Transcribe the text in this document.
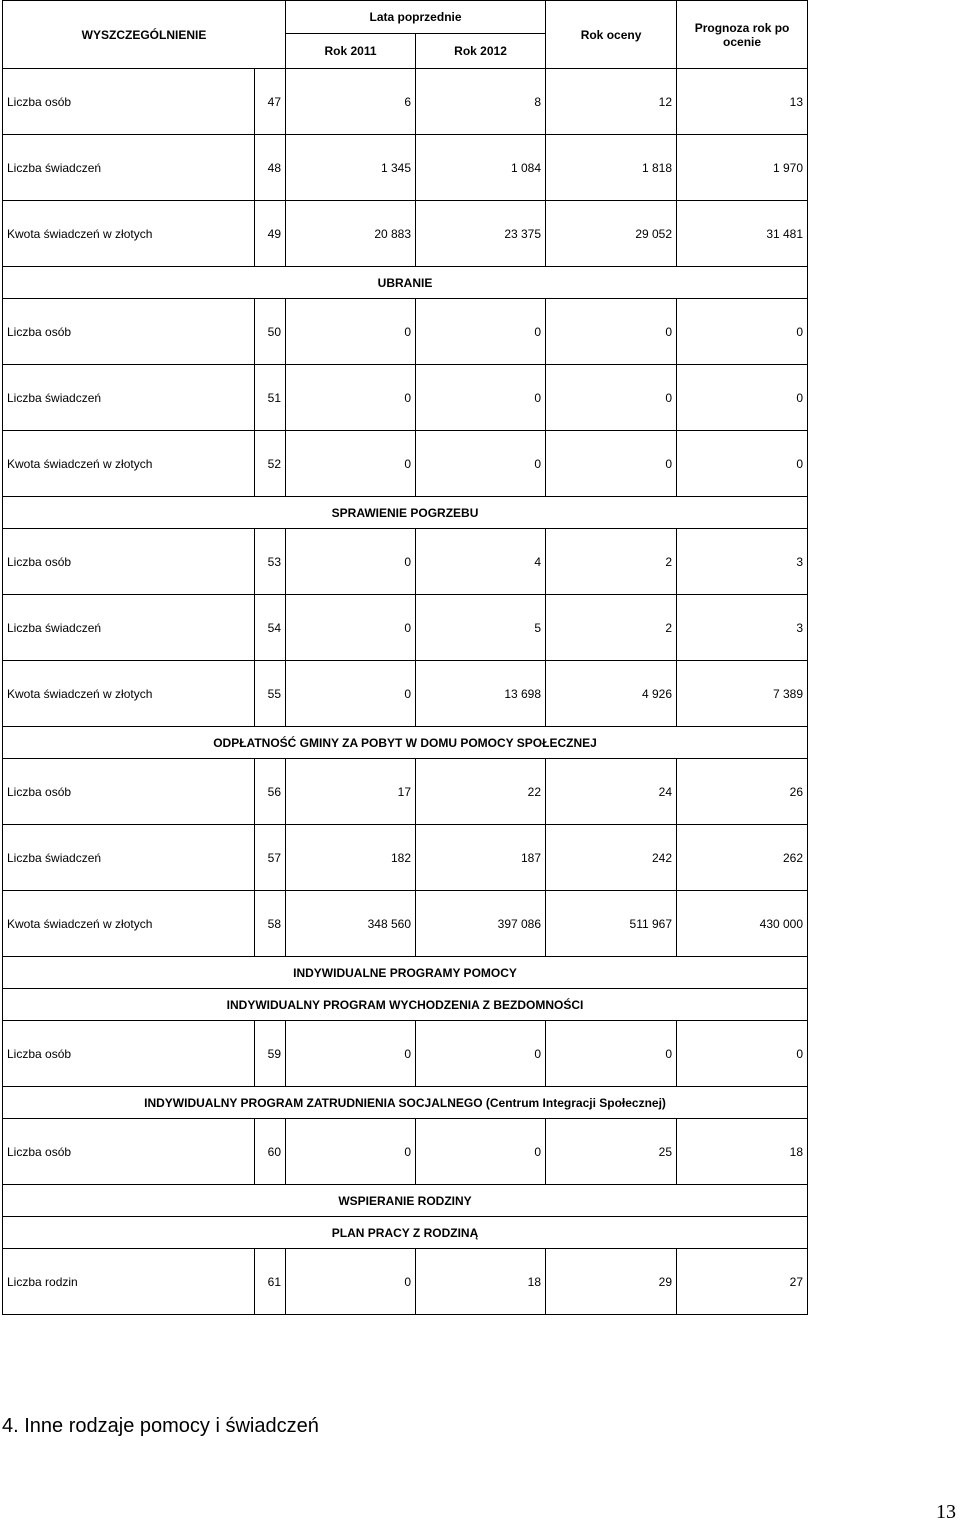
WYSZCZEGÓLNIENIE		Lata poprzednie		Rok oceny	Prognoza rok po ocenie
		Rok 2011	Rok 2012		
Liczba osób	47	6	8	12	13
Liczba świadczeń	48	1 345	1 084	1 818	1 970
Kwota świadczeń w złotych	49	20 883	23 375	29 052	31 481
UBRANIE					
Liczba osób	50	0	0	0	0
Liczba świadczeń	51	0	0	0	0
Kwota świadczeń w złotych	52	0	0	0	0
SPRAWIENIE POGRZEBU					
Liczba osób	53	0	4	2	3
Liczba świadczeń	54	0	5	2	3
Kwota świadczeń w złotych	55	0	13 698	4 926	7 389
ODPŁATNOŚĆ GMINY ZA POBYT W DOMU POMOCY SPOŁECZNEJ					
Liczba osób	56	17	22	24	26
Liczba świadczeń	57	182	187	242	262
Kwota świadczeń w złotych	58	348 560	397 086	511 967	430 000
INDYWIDUALNE PROGRAMY POMOCY					
INDYWIDUALNY PROGRAM WYCHODZENIA Z BEZDOMNOŚCI					
Liczba osób	59	0	0	0	0
INDYWIDUALNY PROGRAM ZATRUDNIENIA SOCJALNEGO (Centrum Integracji Społecznej)					
Liczba osób	60	0	0	25	18
WSPIERANIE RODZINY					
PLAN PRACY Z RODZINĄ					
Liczba rodzin	61	0	18	29	27
4. Inne rodzaje pomocy i świadczeń
13
